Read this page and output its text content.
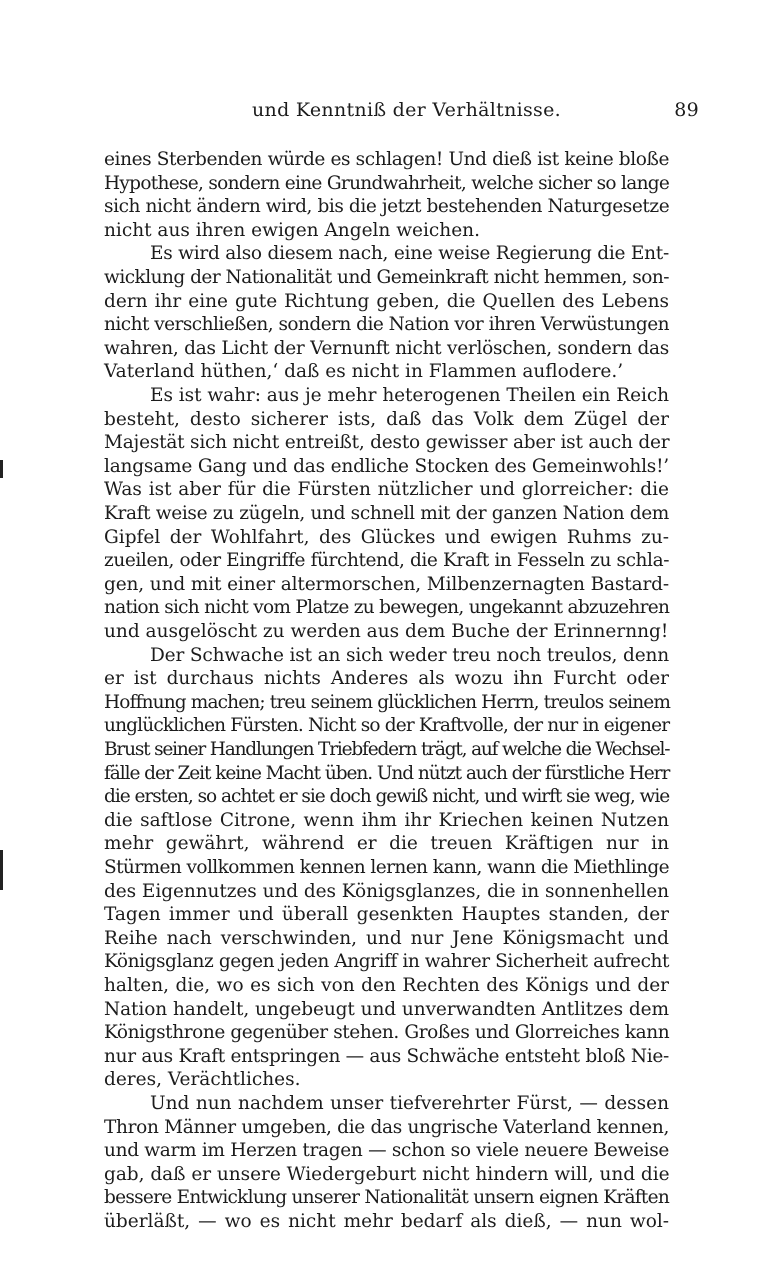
und Kenntniß der Verhältnisse.	89
eines Sterbenden würde es schlagen! Und dieß ist keine bloße
Hypothese, sondern eine Grundwahrheit, welche sicher so lange
sich nicht ändern wird, bis die jetzt bestehenden Naturgesetze
nicht aus ihren ewigen Angeln weichen.
Es wird also diesem nach, eine weise Regierung die Ent-
wicklung der Nationalität und Gemeinkraft nicht hemmen, son-
dern ihr eine gute Richtung geben, die Quellen des Lebens
nicht verschließen, sondern die Nation vor ihren Verwüstungen
wahren, das Licht der Vernunft nicht verlöschen, sondern das
Vaterland hüthen,‘ daß es nicht in Flammen auflodere.’
Es ist wahr: aus je mehr heterogenen Theilen ein Reich
besteht, desto sicherer ists, daß das Volk dem Zügel der
Majestät sich nicht entreißt, desto gewisser aber ist auch der
langsame Gang und das endliche Stocken des Gemeinwohls!’
Was ist aber für die Fürsten nützlicher und glorreicher: die
Kraft weise zu zügeln, und schnell mit der ganzen Nation dem
Gipfel der Wohlfahrt, des Glückes und ewigen Ruhms zu-
zueilen, oder Eingriffe fürchtend, die Kraft in Fesseln zu schla-
gen, und mit einer altermorschen, Milbenzernagten Bastard-
nation sich nicht vom Platze zu bewegen, ungekannt abzuzehren
und ausgelöscht zu werden aus dem Buche der Erinnernng!
Der Schwache ist an sich weder treu noch treulos, denn
er ist durchaus nichts Anderes als wozu ihn Furcht oder
Hoffnung machen; treu seinem glücklichen Herrn, treulos seinem
unglücklichen Fürsten. Nicht so der Kraftvolle, der nur in eigener
Brust seiner Handlungen Triebfedern trägt, auf welche die Wechsel-
fälle der Zeit keine Macht üben. Und nützt auch der fürstliche Herr
die ersten, so achtet er sie doch gewiß nicht, und wirft sie weg, wie
die saftlose Citrone, wenn ihm ihr Kriechen keinen Nutzen
mehr gewährt, während er die treuen Kräftigen nur in
Stürmen vollkommen kennen lernen kann, wann die Miethlinge
des Eigennutzes und des Königsglanzes, die in sonnenhellen
Tagen immer und überall gesenkten Hauptes standen, der
Reihe nach verschwinden, und nur Jene Königsmacht und
Königsglanz gegen jeden Angriff in wahrer Sicherheit aufrecht
halten, die, wo es sich von den Rechten des Königs und der
Nation handelt, ungebeugt und unverwandten Antlitzes dem
Königsthrone gegenüber stehen. Großes und Glorreiches kann
nur aus Kraft entspringen — aus Schwäche entsteht bloß Nie-
deres, Verächtliches.
Und nun nachdem unser tiefverehrter Fürst, — dessen
Thron Männer umgeben, die das ungrische Vaterland kennen,
und warm im Herzen tragen — schon so viele neuere Beweise
gab, daß er unsere Wiedergeburt nicht hindern will, und die
bessere Entwicklung unserer Nationalität unsern eignen Kräften
überläßt, — wo es nicht mehr bedarf als dieß, — nun wol-
